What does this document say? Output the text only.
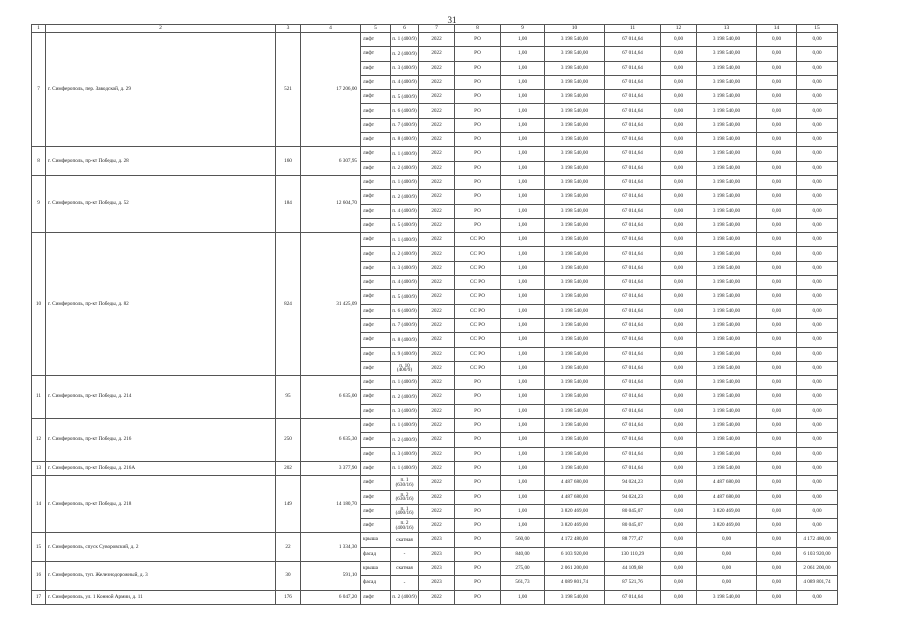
31
1	2	3	4	5	6	7	8	9	10	11	12	13	14	15
7	г. Симферополь, пер. Заводской, д. 29	521	17 206,00	лифт	п. 1 (400/9)	2022	РО	1,00	3 198 540,00	67 014,64	0,00	3 198 540,00	0,00	0,00
				лифт	п. 2 (400/9)	2022	РО	1,00	3 198 540,00	67 014,64	0,00	3 198 540,00	0,00	0,00
				лифт	п. 3 (400/9)	2022	РО	1,00	3 198 540,00	67 014,64	0,00	3 198 540,00	0,00	0,00
				лифт	п. 4 (400/9)	2022	РО	1,00	3 198 540,00	67 014,64	0,00	3 198 540,00	0,00	0,00
				лифт	п. 5 (400/9)	2022	РО	1,00	3 198 540,00	67 014,64	0,00	3 198 540,00	0,00	0,00
				лифт	п. 6 (400/9)	2022	РО	1,00	3 198 540,00	67 014,64	0,00	3 198 540,00	0,00	0,00
				лифт	п. 7 (400/9)	2022	РО	1,00	3 198 540,00	67 014,64	0,00	3 198 540,00	0,00	0,00
				лифт	п. 8 (400/9)	2022	РО	1,00	3 198 540,00	67 014,64	0,00	3 198 540,00	0,00	0,00
8	г. Симферополь, пр-кт Победы, д. 28	160	6 307,95	лифт	п. 1 (400/9)	2022	РО	1,00	3 198 540,00	67 014,64	0,00	3 198 540,00	0,00	0,00
				лифт	п. 2 (400/9)	2022	РО	1,00	3 198 540,00	67 014,64	0,00	3 198 540,00	0,00	0,00
9	г. Симферополь, пр-кт Победы, д. 52	184	12 604,70	лифт	п. 1 (400/9)	2022	РО	1,00	3 198 540,00	67 014,64	0,00	3 198 540,00	0,00	0,00
				лифт	п. 2 (400/9)	2022	РО	1,00	3 198 540,00	67 014,64	0,00	3 198 540,00	0,00	0,00
				лифт	п. 4 (400/9)	2022	РО	1,00	3 198 540,00	67 014,64	0,00	3 198 540,00	0,00	0,00
				лифт	п. 5 (400/9)	2022	РО	1,00	3 198 540,00	67 014,64	0,00	3 198 540,00	0,00	0,00
10	г. Симферополь, пр-кт Победы, д. 82	824	31 425,09	лифт	п. 1 (400/9)	2022	СС РО	1,00	3 198 540,00	67 014,64	0,00	3 198 540,00	0,00	0,00
				лифт	п. 2 (400/9)	2022	СС РО	1,00	3 198 540,00	67 014,64	0,00	3 198 540,00	0,00	0,00
				лифт	п. 3 (400/9)	2022	СС РО	1,00	3 198 540,00	67 014,64	0,00	3 198 540,00	0,00	0,00
				лифт	п. 4 (400/9)	2022	СС РО	1,00	3 198 540,00	67 014,64	0,00	3 198 540,00	0,00	0,00
				лифт	п. 5 (400/9)	2022	СС РО	1,00	3 198 540,00	67 014,64	0,00	3 198 540,00	0,00	0,00
				лифт	п. 6 (400/9)	2022	СС РО	1,00	3 198 540,00	67 014,64	0,00	3 198 540,00	0,00	0,00
				лифт	п. 7 (400/9)	2022	СС РО	1,00	3 198 540,00	67 014,64	0,00	3 198 540,00	0,00	0,00
				лифт	п. 8 (400/9)	2022	СС РО	1,00	3 198 540,00	67 014,64	0,00	3 198 540,00	0,00	0,00
				лифт	п. 9 (400/9)	2022	СС РО	1,00	3 198 540,00	67 014,64	0,00	3 198 540,00	0,00	0,00
				лифт	п. 10 (400/9)	2022	СС РО	1,00	3 198 540,00	67 014,64	0,00	3 198 540,00	0,00	0,00
11	г. Симферополь, пр-кт Победы, д. 214	95	6 635,00	лифт	п. 1 (400/9)	2022	РО	1,00	3 198 540,00	67 014,64	0,00	3 198 540,00	0,00	0,00
				лифт	п. 2 (400/9)	2022	РО	1,00	3 198 540,00	67 014,64	0,00	3 198 540,00	0,00	0,00
				лифт	п. 3 (400/9)	2022	РО	1,00	3 198 540,00	67 014,64	0,00	3 198 540,00	0,00	0,00
12	г. Симферополь, пр-кт Победы, д. 216	250	6 635,30	лифт	п. 1 (400/9)	2022	РО	1,00	3 198 540,00	67 014,64	0,00	3 198 540,00	0,00	0,00
				лифт	п. 2 (400/9)	2022	РО	1,00	3 198 540,00	67 014,64	0,00	3 198 540,00	0,00	0,00
				лифт	п. 3 (400/9)	2022	РО	1,00	3 198 540,00	67 014,64	0,00	3 198 540,00	0,00	0,00
13	г. Симферополь, пр-кт Победы, д. 216А	202	3 377,90	лифт	п. 1 (400/9)	2022	РО	1,00	3 198 540,00	67 014,64	0,00	3 198 540,00	0,00	0,00
14	г. Симферополь, пр-кт Победы, д. 218	149	14 180,70	лифт	п. 1 (630/16)	2022	РО	1,00	4 487 680,00	94 024,23	0,00	4 487 680,00	0,00	0,00
				лифт	п. 2 (630/16)	2022	РО	1,00	4 487 680,00	94 024,23	0,00	4 487 680,00	0,00	0,00
				лифт	п. 1 (400/16)	2022	РО	1,00	3 820 469,00	80 045,07	0,00	3 820 469,00	0,00	0,00
				лифт	п. 2 (400/16)	2022	РО	1,00	3 820 469,00	80 045,07	0,00	3 820 469,00	0,00	0,00
15	г. Симферополь, спуск Суворовский, д. 2	22	1 334,30	крыша	скатная	2023	РО	560,00	4 172 480,00	88 777,47	0,00	0,00	0,00	4 172 480,00
				фасад	-	2023	РО	840,00	6 103 920,00	130 110,29	0,00	0,00	0,00	6 103 920,00
16	г. Симферополь, туп. Железнодорожный, д. 3	30	591,10	крыша	скатная	2023	РО	275,00	2 061 200,00	44 109,68	0,00	0,00	0,00	2 061 200,00
				фасад	-	2023	РО	561,73	4 089 801,74	87 521,76	0,00	0,00	0,00	4 089 801,74
17	г. Симферополь, ул. 1 Конной Армии, д. 11	176	6 047,20	лифт	п. 2 (400/9)	2022	РО	1,00	3 198 540,00	67 014,64	0,00	3 198 540,00	0,00	0,00
